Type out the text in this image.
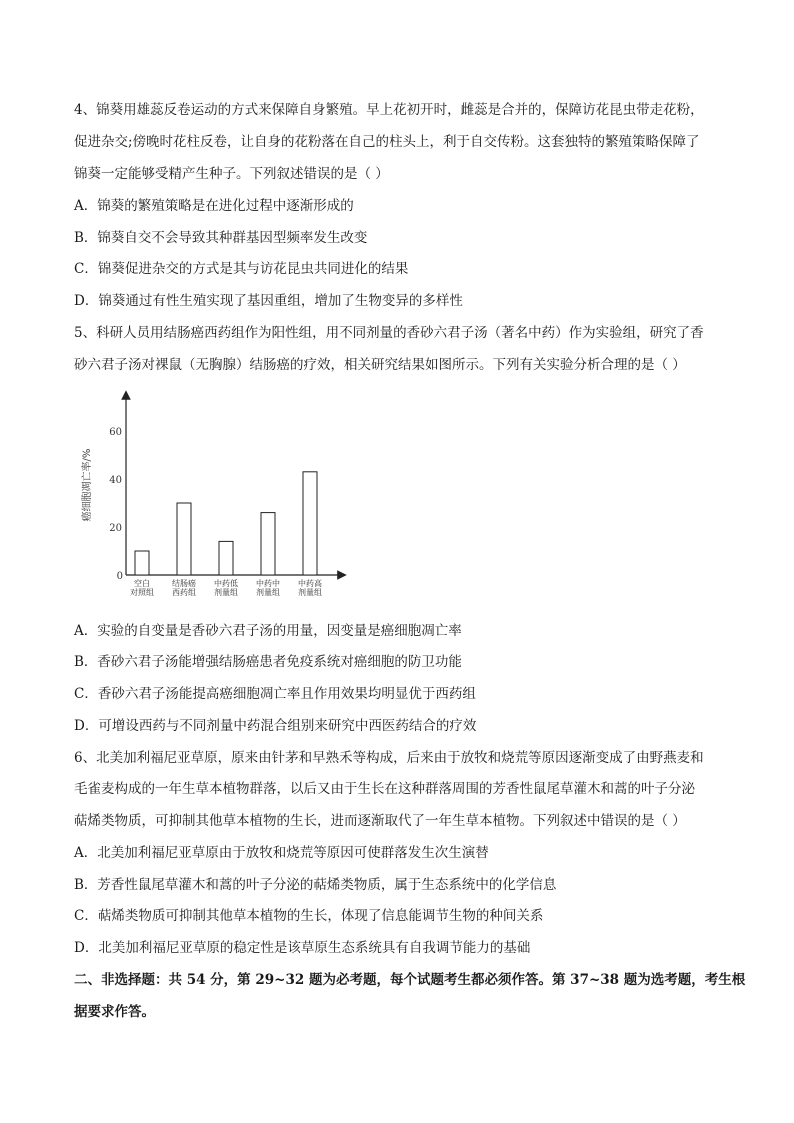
4、锦葵用雄蕊反卷运动的方式来保障自身繁殖。早上花初开时，雌蕊是合并的，保障访花昆虫带走花粉，
促进杂交;傍晚时花柱反卷，让自身的花粉落在自己的柱头上，利于自交传粉。这套独特的繁殖策略保障了
锦葵一定能够受精产生种子。下列叙述错误的是（ ）
A．锦葵的繁殖策略是在进化过程中逐渐形成的
B．锦葵自交不会导致其种群基因型频率发生改变
C．锦葵促进杂交的方式是其与访花昆虫共同进化的结果
D．锦葵通过有性生殖实现了基因重组，增加了生物变异的多样性
5、科研人员用结肠癌西药组作为阳性组，用不同剂量的香砂六君子汤（著名中药）作为实验组，研究了香
砂六君子汤对裸鼠（无胸腺）结肠癌的疗效，相关研究结果如图所示。下列有关实验分析合理的是（ ）
0
20
40
60
空白
对照组
结肠癌
西药组
中药低
剂量组
中药中
剂量组
中药高
剂量组
癌细胞凋亡率/%
A．实验的自变量是香砂六君子汤的用量，因变量是癌细胞凋亡率
B．香砂六君子汤能增强结肠癌患者免疫系统对癌细胞的防卫功能
C．香砂六君子汤能提高癌细胞凋亡率且作用效果均明显优于西药组
D．可增设西药与不同剂量中药混合组别来研究中西医药结合的疗效
6、北美加利福尼亚草原，原来由针茅和早熟禾等构成，后来由于放牧和烧荒等原因逐渐变成了由野燕麦和
毛雀麦构成的一年生草本植物群落，以后又由于生长在这种群落周围的芳香性鼠尾草灌木和蒿的叶子分泌
萜烯类物质，可抑制其他草本植物的生长，进而逐渐取代了一年生草本植物。下列叙述中错误的是（ ）
A．北美加利福尼亚草原由于放牧和烧荒等原因可使群落发生次生演替
B．芳香性鼠尾草灌木和蒿的叶子分泌的萜烯类物质，属于生态系统中的化学信息
C．萜烯类物质可抑制其他草本植物的生长，体现了信息能调节生物的种间关系
D．北美加利福尼亚草原的稳定性是该草原生态系统具有自我调节能力的基础
二、非选择题：共 54 分，第 29~32 题为必考题，每个试题考生都必须作答。第 37~38 题为选考题，考生根
据要求作答。
